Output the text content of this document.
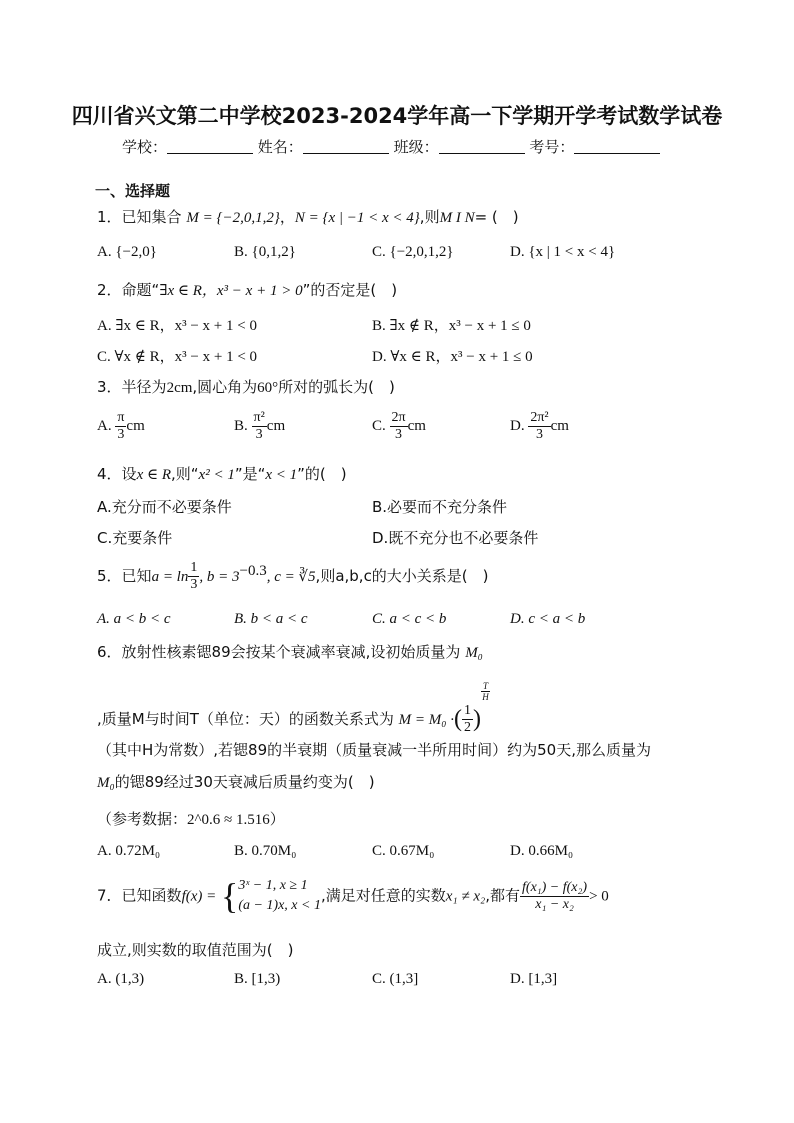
四川省兴文第二中学校2023-2024学年高一下学期开学考试数学试卷
学校：	姓名：	班级：	考号：
一、选择题
1．已知集合 M = {−2,0,1,2}，N = {x | −1 < x < 4},则M I N= (　)
A. {−2,0}	B. {0,1,2}	C. {−2,0,1,2}	D. {x | 1 < x < 4}
2．命题“∃x ∈ R，x³ − x + 1 > 0”的否定是(　)
A. ∃x ∈ R，x³ − x + 1 < 0	B. ∃x ∉ R，x³ − x + 1 ≤ 0
C. ∀x ∉ R，x³ − x + 1 < 0	D. ∀x ∈ R，x³ − x + 1 ≤ 0
3．半径为2cm,圆心角为60°所对的弧长为(　)
A. $\frac{\pi}{3}$ cm	B. $\frac{\text{π²}}{3}$ cm	C. $\frac{2\pi}{3}$ cm	D. $\frac{\text{2π²}}{3}$ cm
4．设x ∈ R,则“x² < 1”是“x < 1”的(　)
A.充分而不必要条件	B.必要而不充分条件
C.充要条件	D.既不充分也不必要条件
5．已知$a = \ln \frac{1}{3}$ , $b = 3^{-0.3}$, c = ∛5,则a,b,c的大小关系是(　)
A. a < b < c	B. b < a < c	C. a < c < b	D. c < a < b
6．放射性核素锶89会按某个衰减率衰减,设初始质量为 M₀
,质量M与时间T（单位：天）的函数关系式为 M = M₀ ·( $\frac{1}{2}$ )
$\frac{T}{H}$
（其中H为常数）,若锶89的半衰期（质量衰减一半所用时间）约为50天,那么质量为
M₀的锶89经过30天衰减后质量约变为(　)
（参考数据：2^0.6 ≈ 1.516）
A. 0.72M₀	B. 0.70M₀	C. 0.67M₀	D. 0.66M₀
7．已知函数f(x) = { 3ˣ − 1, x ≥ 1
(a − 1)x, x < 1
,满足对任意的实数x₁ ≠ x₂,都有 $\frac{\text{f(x₁) − f(x₂)}}{\text{x₁ − x₂}} > 0$
成立,则实数的取值范围为(　)
A. (1,3)	B. [1,3)	C. (1,3]	D. [1,3]
